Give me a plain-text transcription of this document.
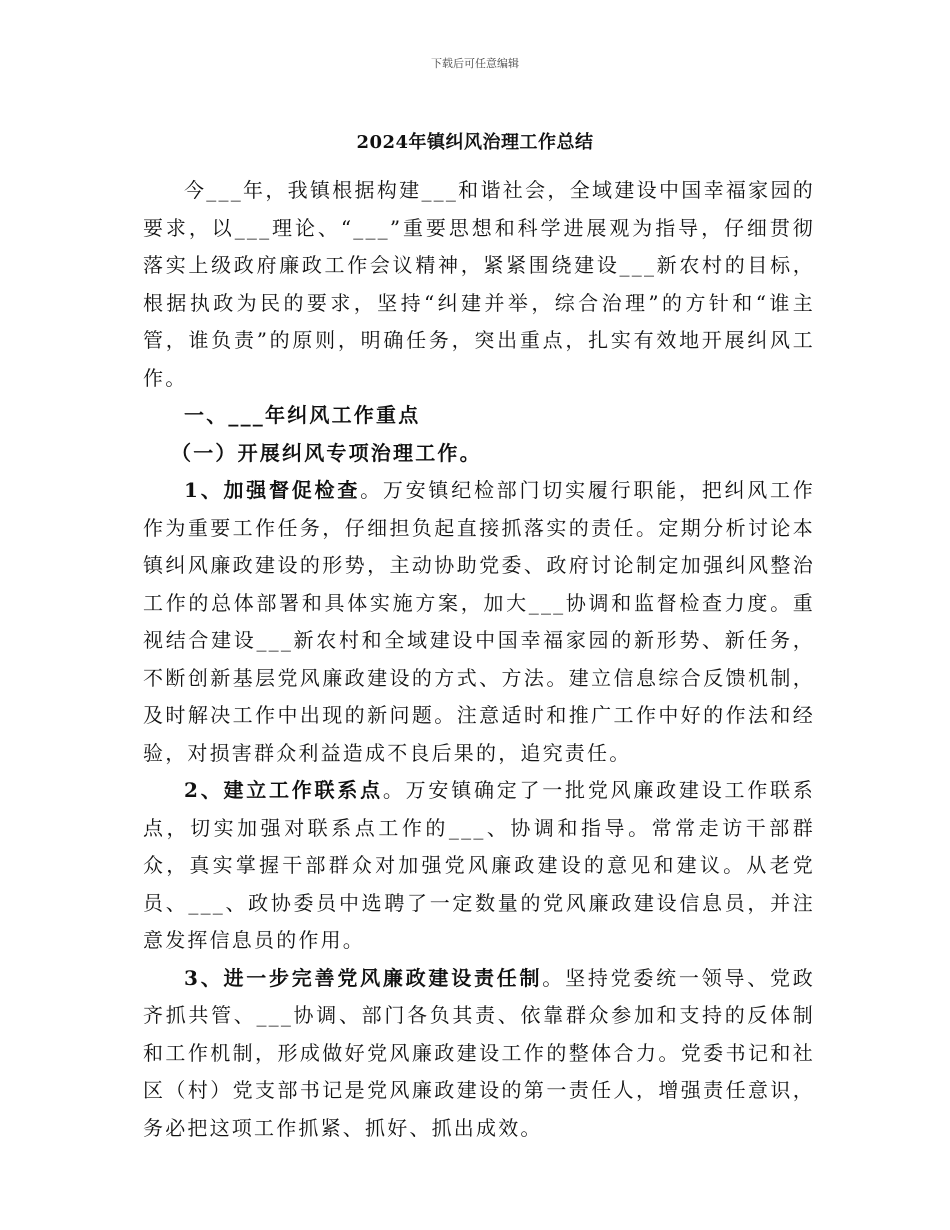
下载后可任意编辑
2024年镇纠风治理工作总结

今___年，我镇根据构建___和谐社会，全域建设中国幸福家园的要求，以___理论、“___”重要思想和科学进展观为指导，仔细贯彻落实上级政府廉政工作会议精神，紧紧围绕建设___新农村的目标，根据执政为民的要求，坚持“纠建并举，综合治理”的方针和“谁主管，谁负责”的原则，明确任务，突出重点，扎实有效地开展纠风工作。

一、___年纠风工作重点

（一）开展纠风专项治理工作。

1、加强督促检查。万安镇纪检部门切实履行职能，把纠风工作作为重要工作任务，仔细担负起直接抓落实的责任。定期分析讨论本镇纠风廉政建设的形势，主动协助党委、政府讨论制定加强纠风整治工作的总体部署和具体实施方案，加大___协调和监督检查力度。重视结合建设___新农村和全域建设中国幸福家园的新形势、新任务，不断创新基层党风廉政建设的方式、方法。建立信息综合反馈机制，及时解决工作中出现的新问题。注意适时和推广工作中好的作法和经验，对损害群众利益造成不良后果的，追究责任。

2、建立工作联系点。万安镇确定了一批党风廉政建设工作联系点，切实加强对联系点工作的___、协调和指导。常常走访干部群众，真实掌握干部群众对加强党风廉政建设的意见和建议。从老党员、___、政协委员中选聘了一定数量的党风廉政建设信息员，并注意发挥信息员的作用。

3、进一步完善党风廉政建设责任制。坚持党委统一领导、党政齐抓共管、___协调、部门各负其责、依靠群众参加和支持的反体制和工作机制，形成做好党风廉政建设工作的整体合力。党委书记和社区（村）党支部书记是党风廉政建设的第一责任人，增强责任意识，务必把这项工作抓紧、抓好、抓出成效。
